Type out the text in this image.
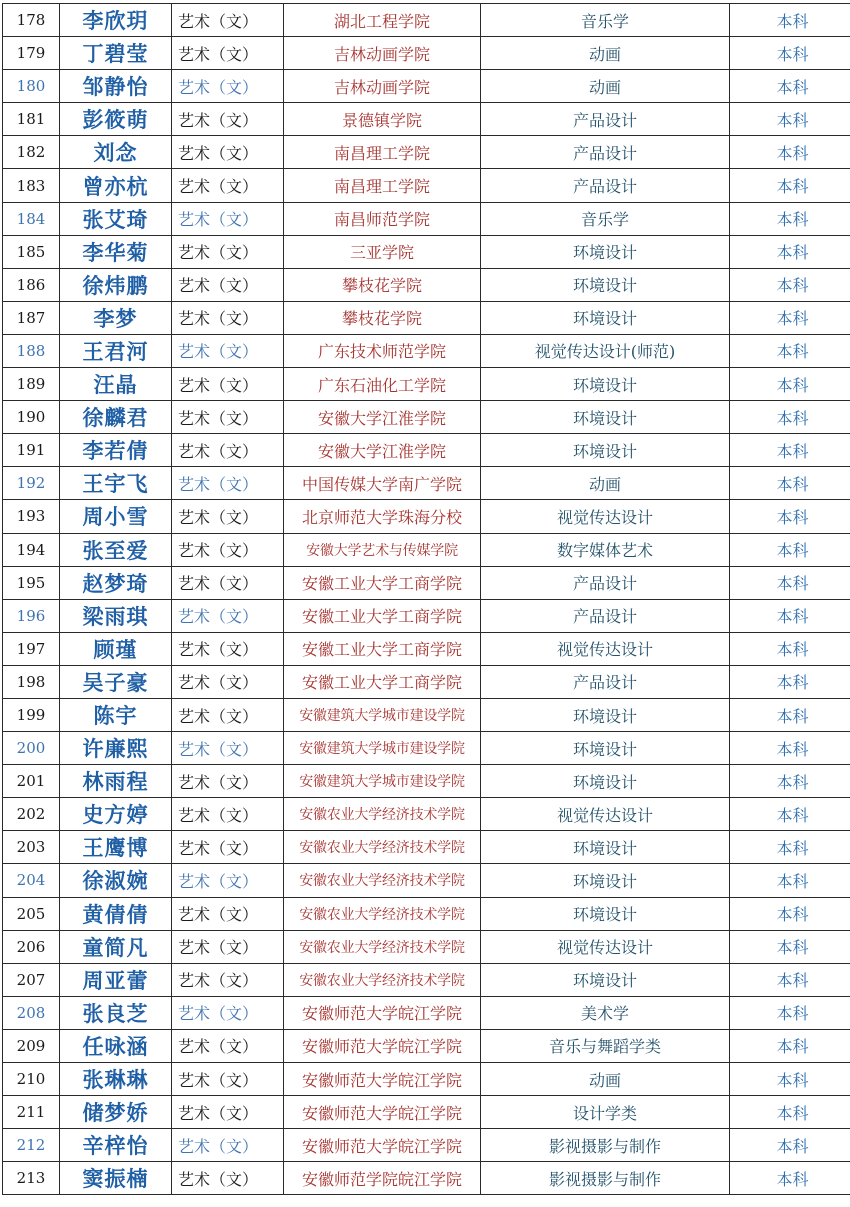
178	李欣玥	艺术（文）	湖北工程学院	音乐学	本科
179	丁碧莹	艺术（文）	吉林动画学院	动画	本科
180	邹静怡	艺术（文）	吉林动画学院	动画	本科
181	彭筱萌	艺术（文）	景德镇学院	产品设计	本科
182	刘念	艺术（文）	南昌理工学院	产品设计	本科
183	曾亦杭	艺术（文）	南昌理工学院	产品设计	本科
184	张艾琦	艺术（文）	南昌师范学院	音乐学	本科
185	李华菊	艺术（文）	三亚学院	环境设计	本科
186	徐炜鹏	艺术（文）	攀枝花学院	环境设计	本科
187	李梦	艺术（文）	攀枝花学院	环境设计	本科
188	王君河	艺术（文）	广东技术师范学院	视觉传达设计(师范)	本科
189	汪晶	艺术（文）	广东石油化工学院	环境设计	本科
190	徐麟君	艺术（文）	安徽大学江淮学院	环境设计	本科
191	李若倩	艺术（文）	安徽大学江淮学院	环境设计	本科
192	王宇飞	艺术（文）	中国传媒大学南广学院	动画	本科
193	周小雪	艺术（文）	北京师范大学珠海分校	视觉传达设计	本科
194	张至爱	艺术（文）	安徽大学艺术与传媒学院	数字媒体艺术	本科
195	赵梦琦	艺术（文）	安徽工业大学工商学院	产品设计	本科
196	梁雨琪	艺术（文）	安徽工业大学工商学院	产品设计	本科
197	顾瑾	艺术（文）	安徽工业大学工商学院	视觉传达设计	本科
198	吴子豪	艺术（文）	安徽工业大学工商学院	产品设计	本科
199	陈宇	艺术（文）	安徽建筑大学城市建设学院	环境设计	本科
200	许廉熙	艺术（文）	安徽建筑大学城市建设学院	环境设计	本科
201	林雨程	艺术（文）	安徽建筑大学城市建设学院	环境设计	本科
202	史方婷	艺术（文）	安徽农业大学经济技术学院	视觉传达设计	本科
203	王鹰博	艺术（文）	安徽农业大学经济技术学院	环境设计	本科
204	徐淑婉	艺术（文）	安徽农业大学经济技术学院	环境设计	本科
205	黄倩倩	艺术（文）	安徽农业大学经济技术学院	环境设计	本科
206	童简凡	艺术（文）	安徽农业大学经济技术学院	视觉传达设计	本科
207	周亚蕾	艺术（文）	安徽农业大学经济技术学院	环境设计	本科
208	张良芝	艺术（文）	安徽师范大学皖江学院	美术学	本科
209	任咏涵	艺术（文）	安徽师范大学皖江学院	音乐与舞蹈学类	本科
210	张琳琳	艺术（文）	安徽师范大学皖江学院	动画	本科
211	储梦娇	艺术（文）	安徽师范大学皖江学院	设计学类	本科
212	辛梓怡	艺术（文）	安徽师范大学皖江学院	影视摄影与制作	本科
213	窦振楠	艺术（文）	安徽师范学院皖江学院	影视摄影与制作	本科
